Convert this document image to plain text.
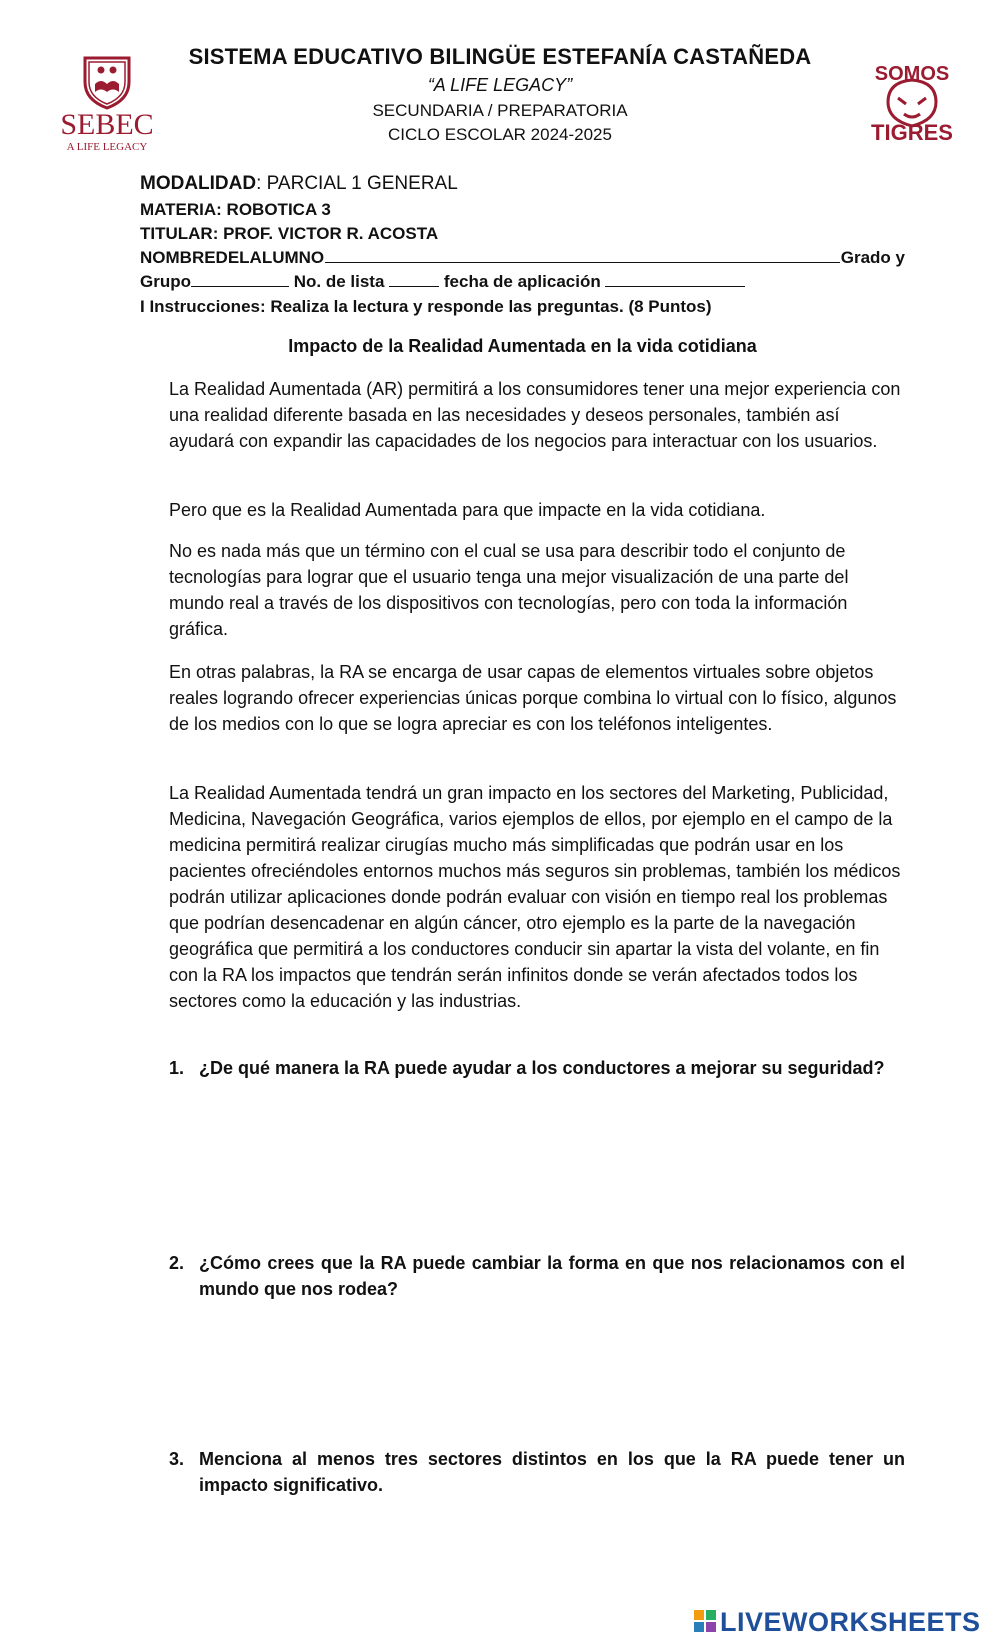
SEBEC
A LIFE LEGACY
SOMOS
TIGRES
SISTEMA EDUCATIVO BILINGÜE ESTEFANÍA CASTAÑEDA
“A LIFE LEGACY”
SECUNDARIA / PREPARATORIA
CICLO ESCOLAR 2024-2025
MODALIDAD: PARCIAL 1 GENERAL
MATERIA: ROBOTICA 3
TITULAR: PROF. VICTOR R. ACOSTA
NOMBREDELALUMNO	Grado y
Grupo	No. de lista	fecha de aplicación
I Instrucciones: Realiza la lectura y responde las preguntas. (8 Puntos)
Impacto de la Realidad Aumentada en la vida cotidiana
La Realidad Aumentada (AR) permitirá a los consumidores tener una mejor experiencia con una realidad diferente basada en las necesidades y deseos personales, también así ayudará con expandir las capacidades de los negocios para interactuar con los usuarios.
Pero que es la Realidad Aumentada para que impacte en la vida cotidiana.
No es nada más que un término con el cual se usa para describir todo el conjunto de tecnologías para lograr que el usuario tenga una mejor visualización de una parte del mundo real a través de los dispositivos con tecnologías, pero con toda la información gráfica.
En otras palabras, la RA se encarga de usar capas de elementos virtuales sobre objetos reales logrando ofrecer experiencias únicas porque combina lo virtual con lo físico, algunos de los medios con lo que se logra apreciar es con los teléfonos inteligentes.
La Realidad Aumentada tendrá un gran impacto en los sectores del Marketing, Publicidad, Medicina, Navegación Geográfica, varios ejemplos de ellos, por ejemplo en el campo de la medicina permitirá realizar cirugías mucho más simplificadas que podrán usar en los pacientes ofreciéndoles entornos muchos más seguros sin problemas, también los médicos podrán utilizar aplicaciones donde podrán evaluar con visión en tiempo real los problemas que podrían desencadenar en algún cáncer, otro ejemplo es la parte de la navegación geográfica que permitirá a los conductores conducir sin apartar la vista del volante, en fin con la RA los impactos que tendrán serán infinitos donde se verán afectados todos los sectores como la educación y las industrias.
1. ¿De qué manera la RA puede ayudar a los conductores a mejorar su seguridad?
2. ¿Cómo crees que la RA puede cambiar la forma en que nos relacionamos con el mundo que nos rodea?
3. Menciona al menos tres sectores distintos en los que la RA puede tener un impacto significativo.
LIVEWORKSHEETS
